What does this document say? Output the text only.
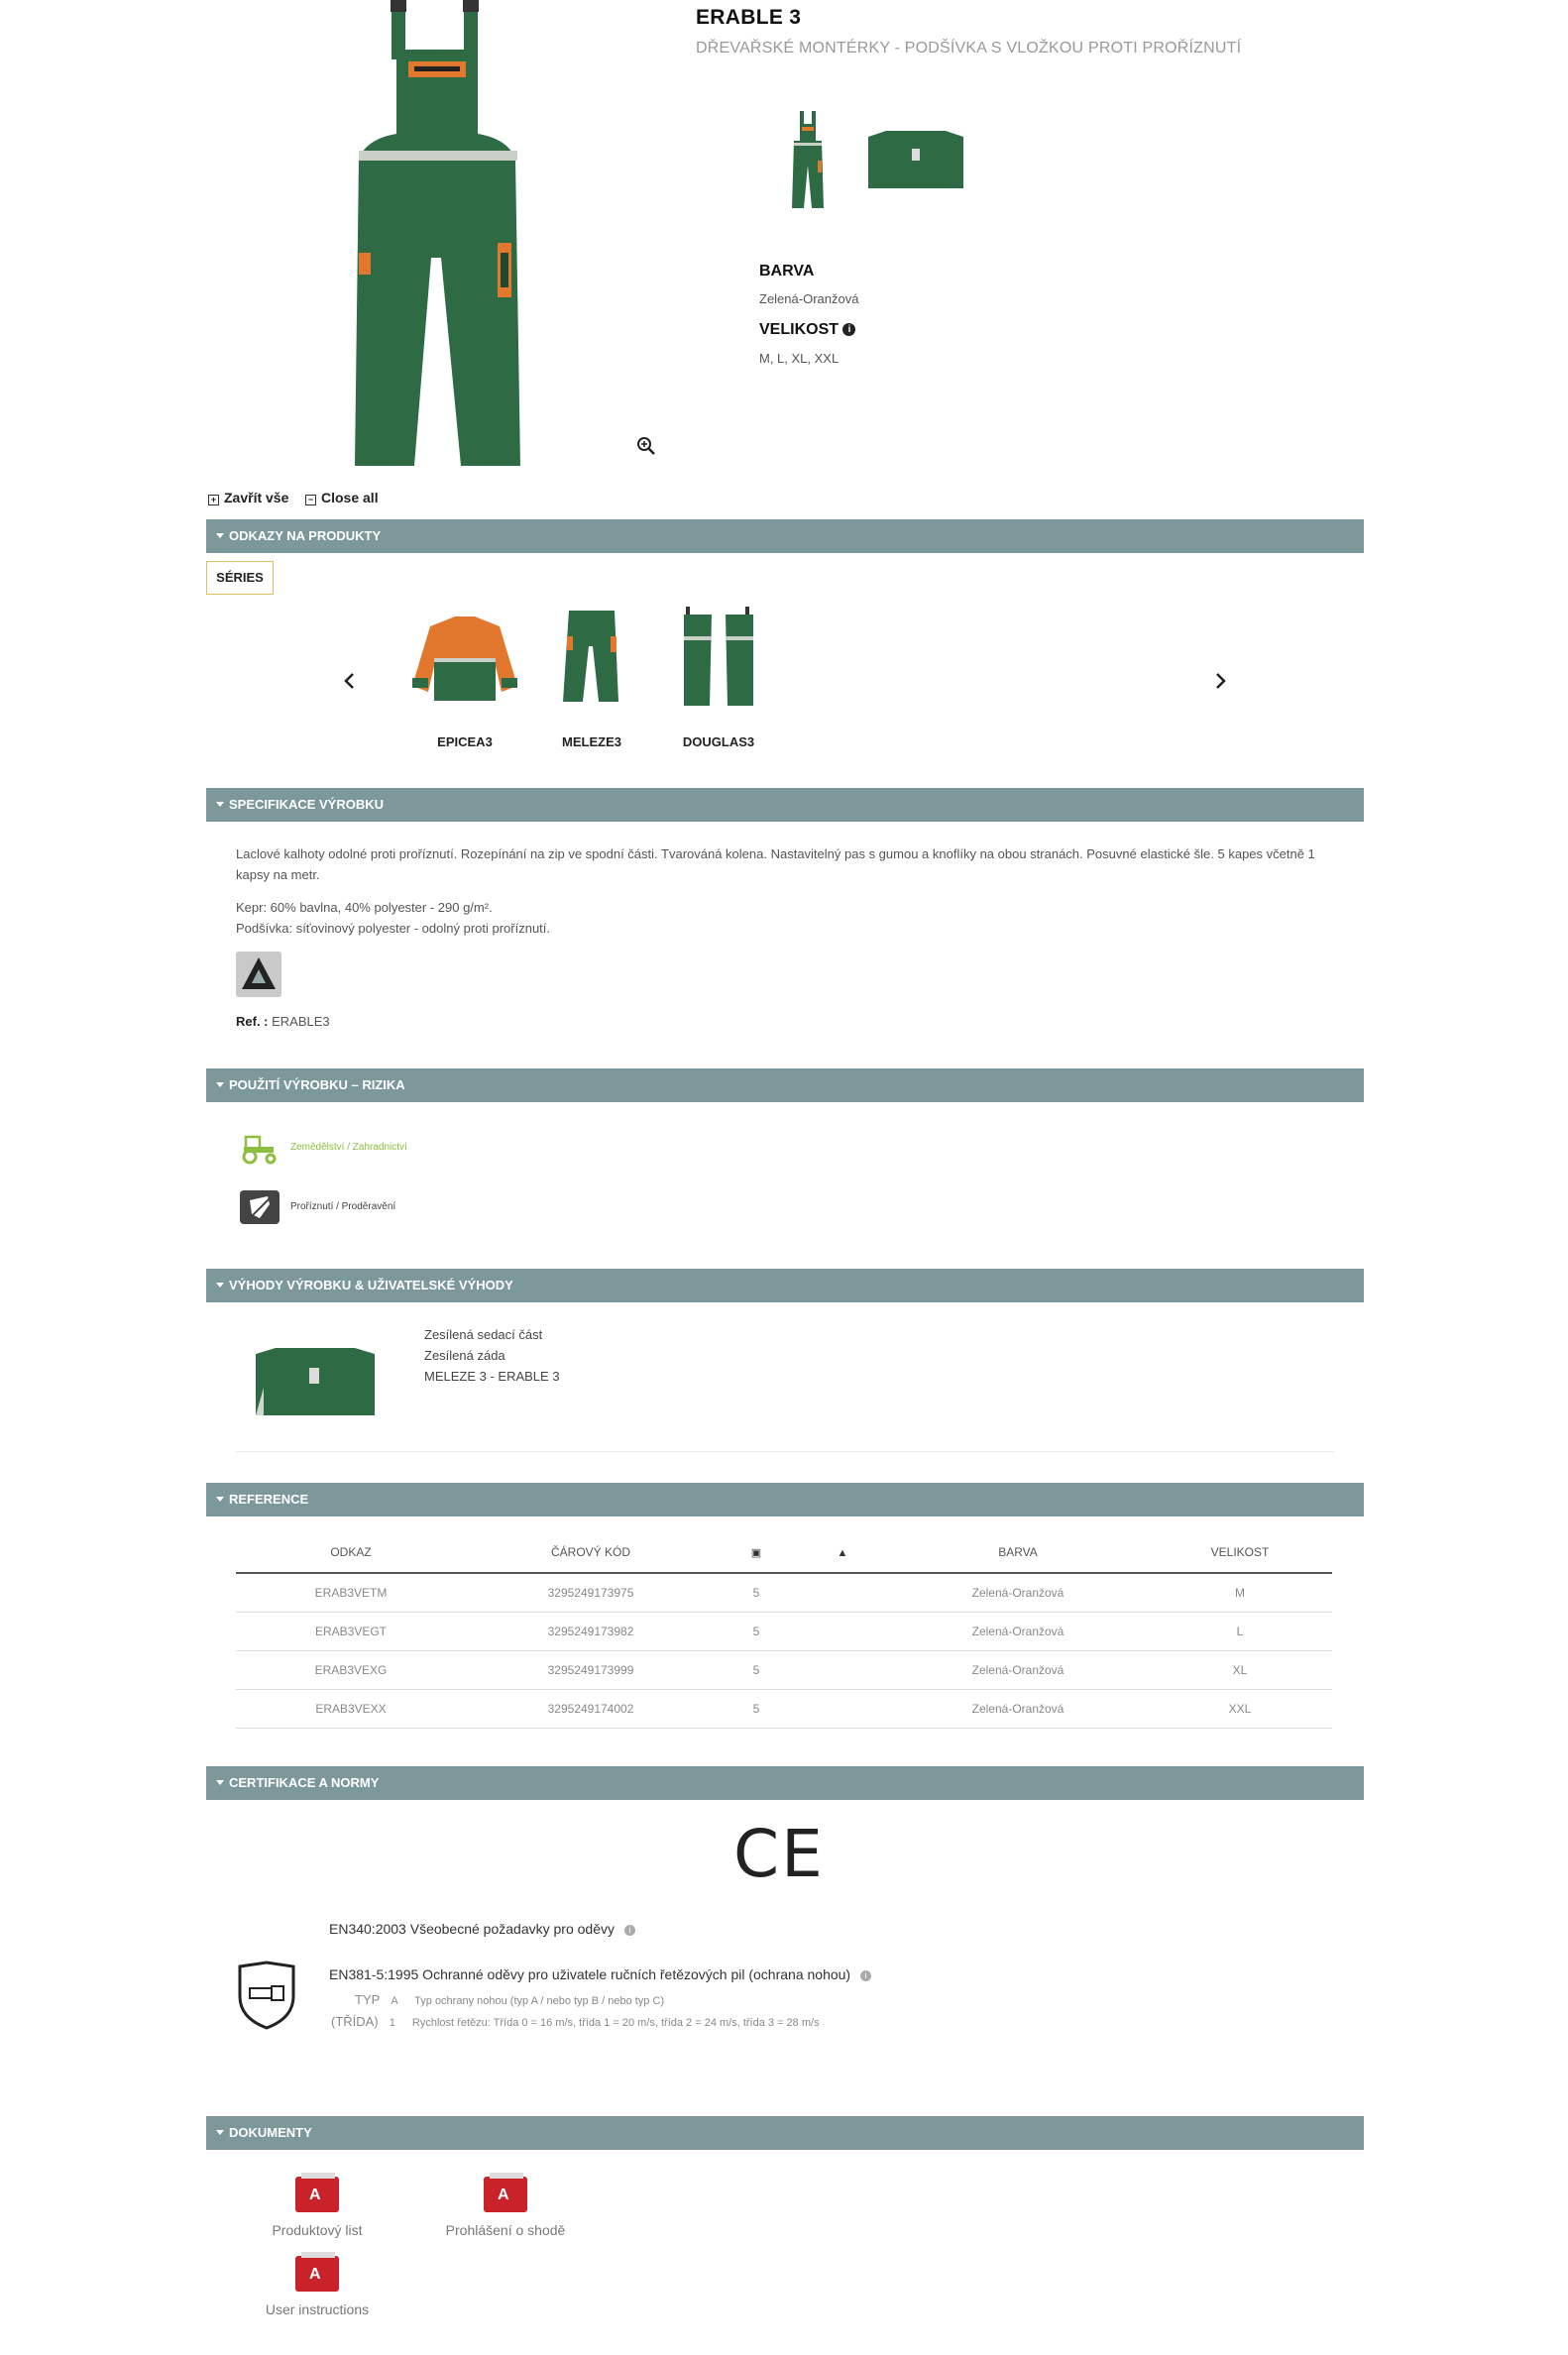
ERABLE 3
DŘEVAŘSKÉ MONTÉRKY - PODŠÍVKA S VLOŽKOU PROTI PROŘÍZNUTÍ
BARVA
Zelená-Oranžová
VELIKOST i
M, L, XL, XXL
+ Zavřít vše	− Close all
ODKAZY NA PRODUKTY
SÉRIES
EPICEA3	MELEZE3	DOUGLAS3
SPECIFIKACE VÝROBKU
Laclové kalhoty odolné proti proříznutí. Rozepínání na zip ve spodní části. Tvarováná kolena. Nastavitelný pas s gumou a knoflíky na obou stranách. Posuvné elastické šle. 5 kapes včetně 1 kapsy na metr.
Kepr: 60% bavlna, 40% polyester - 290 g/m².
Podšívka: síťovinový polyester - odolný proti proříznutí.
Ref. : ERABLE3
POUŽITÍ VÝROBKU – RIZIKA
Zemědělství / Zahradnictví
Proříznutí / Proděravění
VÝHODY VÝROBKU & UŽIVATELSKÉ VÝHODY
Zesílená sedací část
Zesílená záda
MELEZE 3 - ERABLE 3
REFERENCE
ODKAZ	ČÁROVÝ KÓD	▣	▲	BARVA	VELIKOST
ERAB3VETM	3295249173975	5		Zelená-Oranžová	M
ERAB3VEGT	3295249173982	5		Zelená-Oranžová	L
ERAB3VEXG	3295249173999	5		Zelená-Oranžová	XL
ERAB3VEXX	3295249174002	5		Zelená-Oranžová	XXL
CERTIFIKACE A NORMY
CE
EN340:2003 Všeobecné požadavky pro oděvy i
EN381-5:1995 Ochranné oděvy pro uživatele ručních řetězových pil (ochrana nohou) i
TYP A Typ ochrany nohou (typ A / nebo typ B / nebo typ C)
(TŘÍDA) 1 Rychlost řetězu: Třída 0 = 16 m/s, třída 1 = 20 m/s, třída 2 = 24 m/s, třída 3 = 28 m/s
DOKUMENTY
A
Produktový list
A
Prohlášení o shodě
A
User instructions
